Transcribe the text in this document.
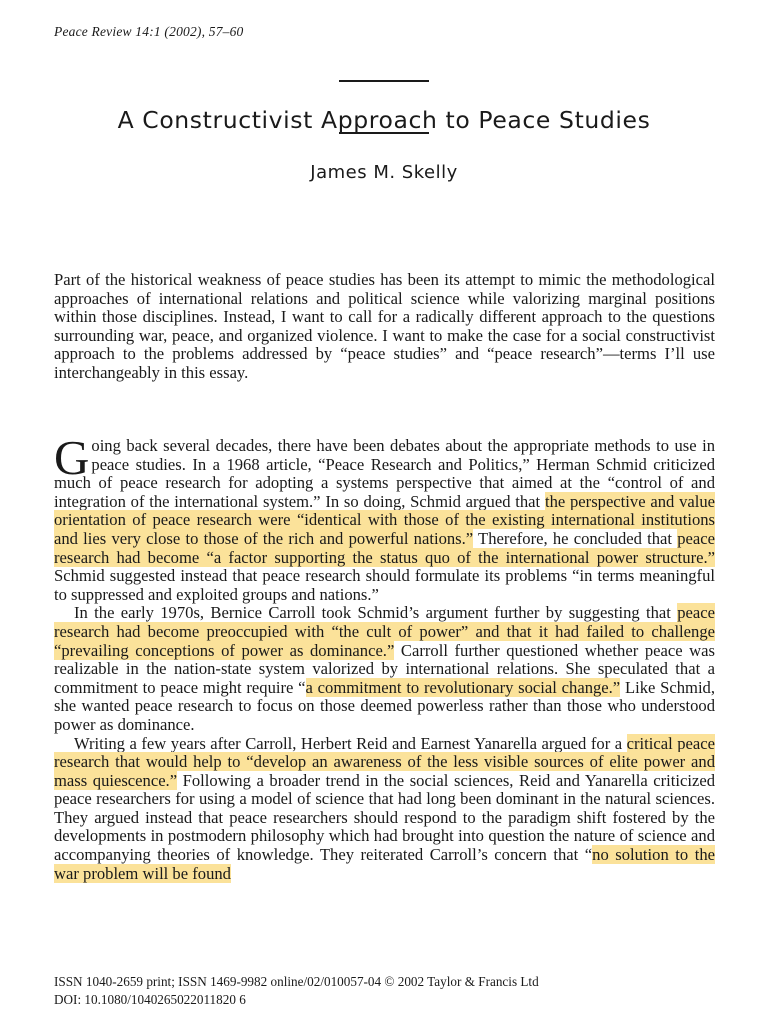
Peace Review 14:1 (2002), 57–60
A Constructivist Approach to Peace Studies
James M. Skelly

Part of the historical weakness of peace studies has been its attempt to mimic the methodological approaches of international relations and political science while valorizing marginal positions within those disciplines. Instead, I want to call for a radically different approach to the questions surrounding war, peace, and organized violence. I want to make the case for a social constructivist approach to the problems addressed by “peace studies” and “peace research”—terms I’ll use interchangeably in this essay.

Going back several decades, there have been debates about the appropriate methods to use in peace studies. In a 1968 article, “Peace Research and Politics,” Herman Schmid criticized much of peace research for adopting a systems perspective that aimed at the “control of and integration of the international system.” In so doing, Schmid argued that the perspective and value orientation of peace research were “identical with those of the existing international institutions and lies very close to those of the rich and powerful nations.” Therefore, he concluded that peace research had become “a factor supporting the status quo of the international power structure.” Schmid suggested instead that peace research should formulate its problems “in terms meaningful to suppressed and exploited groups and nations.”

In the early 1970s, Bernice Carroll took Schmid’s argument further by suggesting that peace research had become preoccupied with “the cult of power” and that it had failed to challenge “prevailing conceptions of power as dominance.” Carroll further questioned whether peace was realizable in the nation-state system valorized by international relations. She speculated that a commitment to peace might require “a commitment to revolutionary social change.” Like Schmid, she wanted peace research to focus on those deemed powerless rather than those who understood power as dominance.

Writing a few years after Carroll, Herbert Reid and Earnest Yanarella argued for a critical peace research that would help to “develop an awareness of the less visible sources of elite power and mass quiescence.” Following a broader trend in the social sciences, Reid and Yanarella criticized peace researchers for using a model of science that had long been dominant in the natural sciences. They argued instead that peace researchers should respond to the paradigm shift fostered by the developments in postmodern philosophy which had brought into question the nature of science and accompanying theories of knowledge. They reiterated Carroll’s concern that “no solution to the war problem will be found

ISSN 1040-2659 print; ISSN 1469-9982 online/02/010057-04 © 2002 Taylor & Francis Ltd
DOI: 10.1080/1040265022011820 6
